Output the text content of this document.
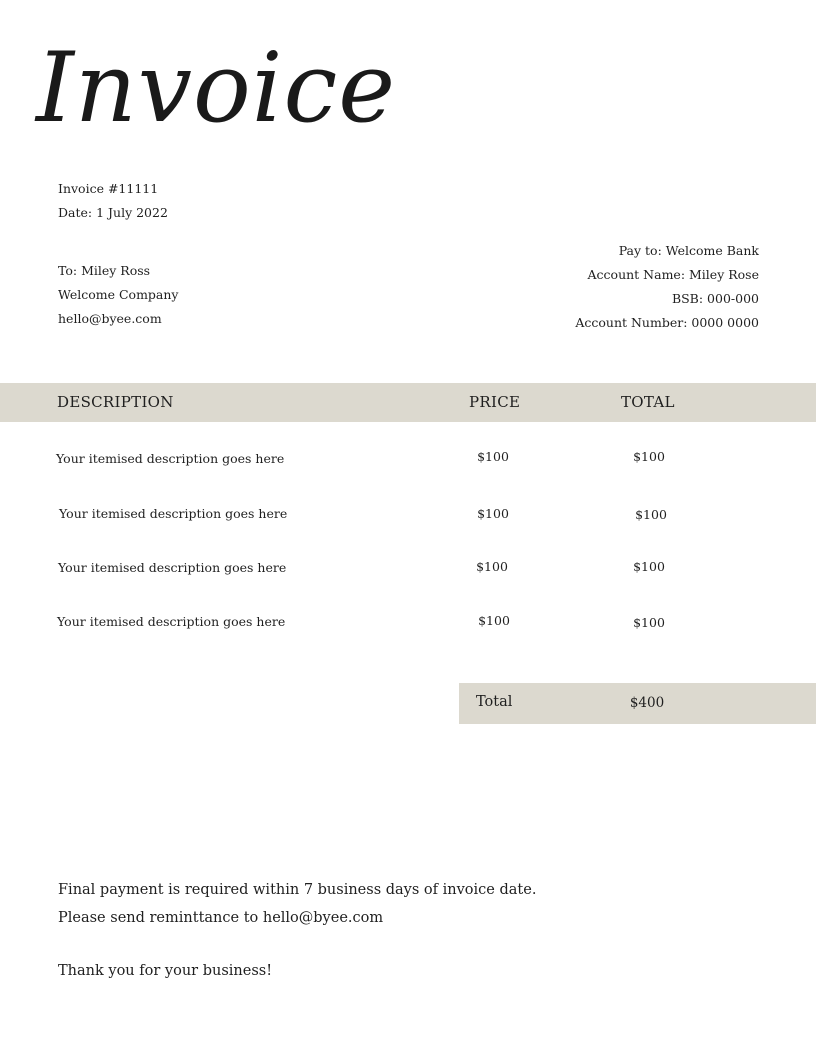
Invoice
Invoice #11111
Date: 1 July 2022
To: Miley Ross
Welcome Company
hello@byee.com
Pay to: Welcome Bank
Account Name: Miley Rose
BSB: 000-000
Account Number: 0000 0000
DESCRIPTION	PRICE	TOTAL
Your itemised description goes here	$100	$100
Your itemised description goes here	$100	$100
Your itemised description goes here	$100	$100
Your itemised description goes here	$100	$100
Total	$400
Final payment is required within 7 business days of invoice date.
Please send reminttance to hello@byee.com
Thank you for your business!
